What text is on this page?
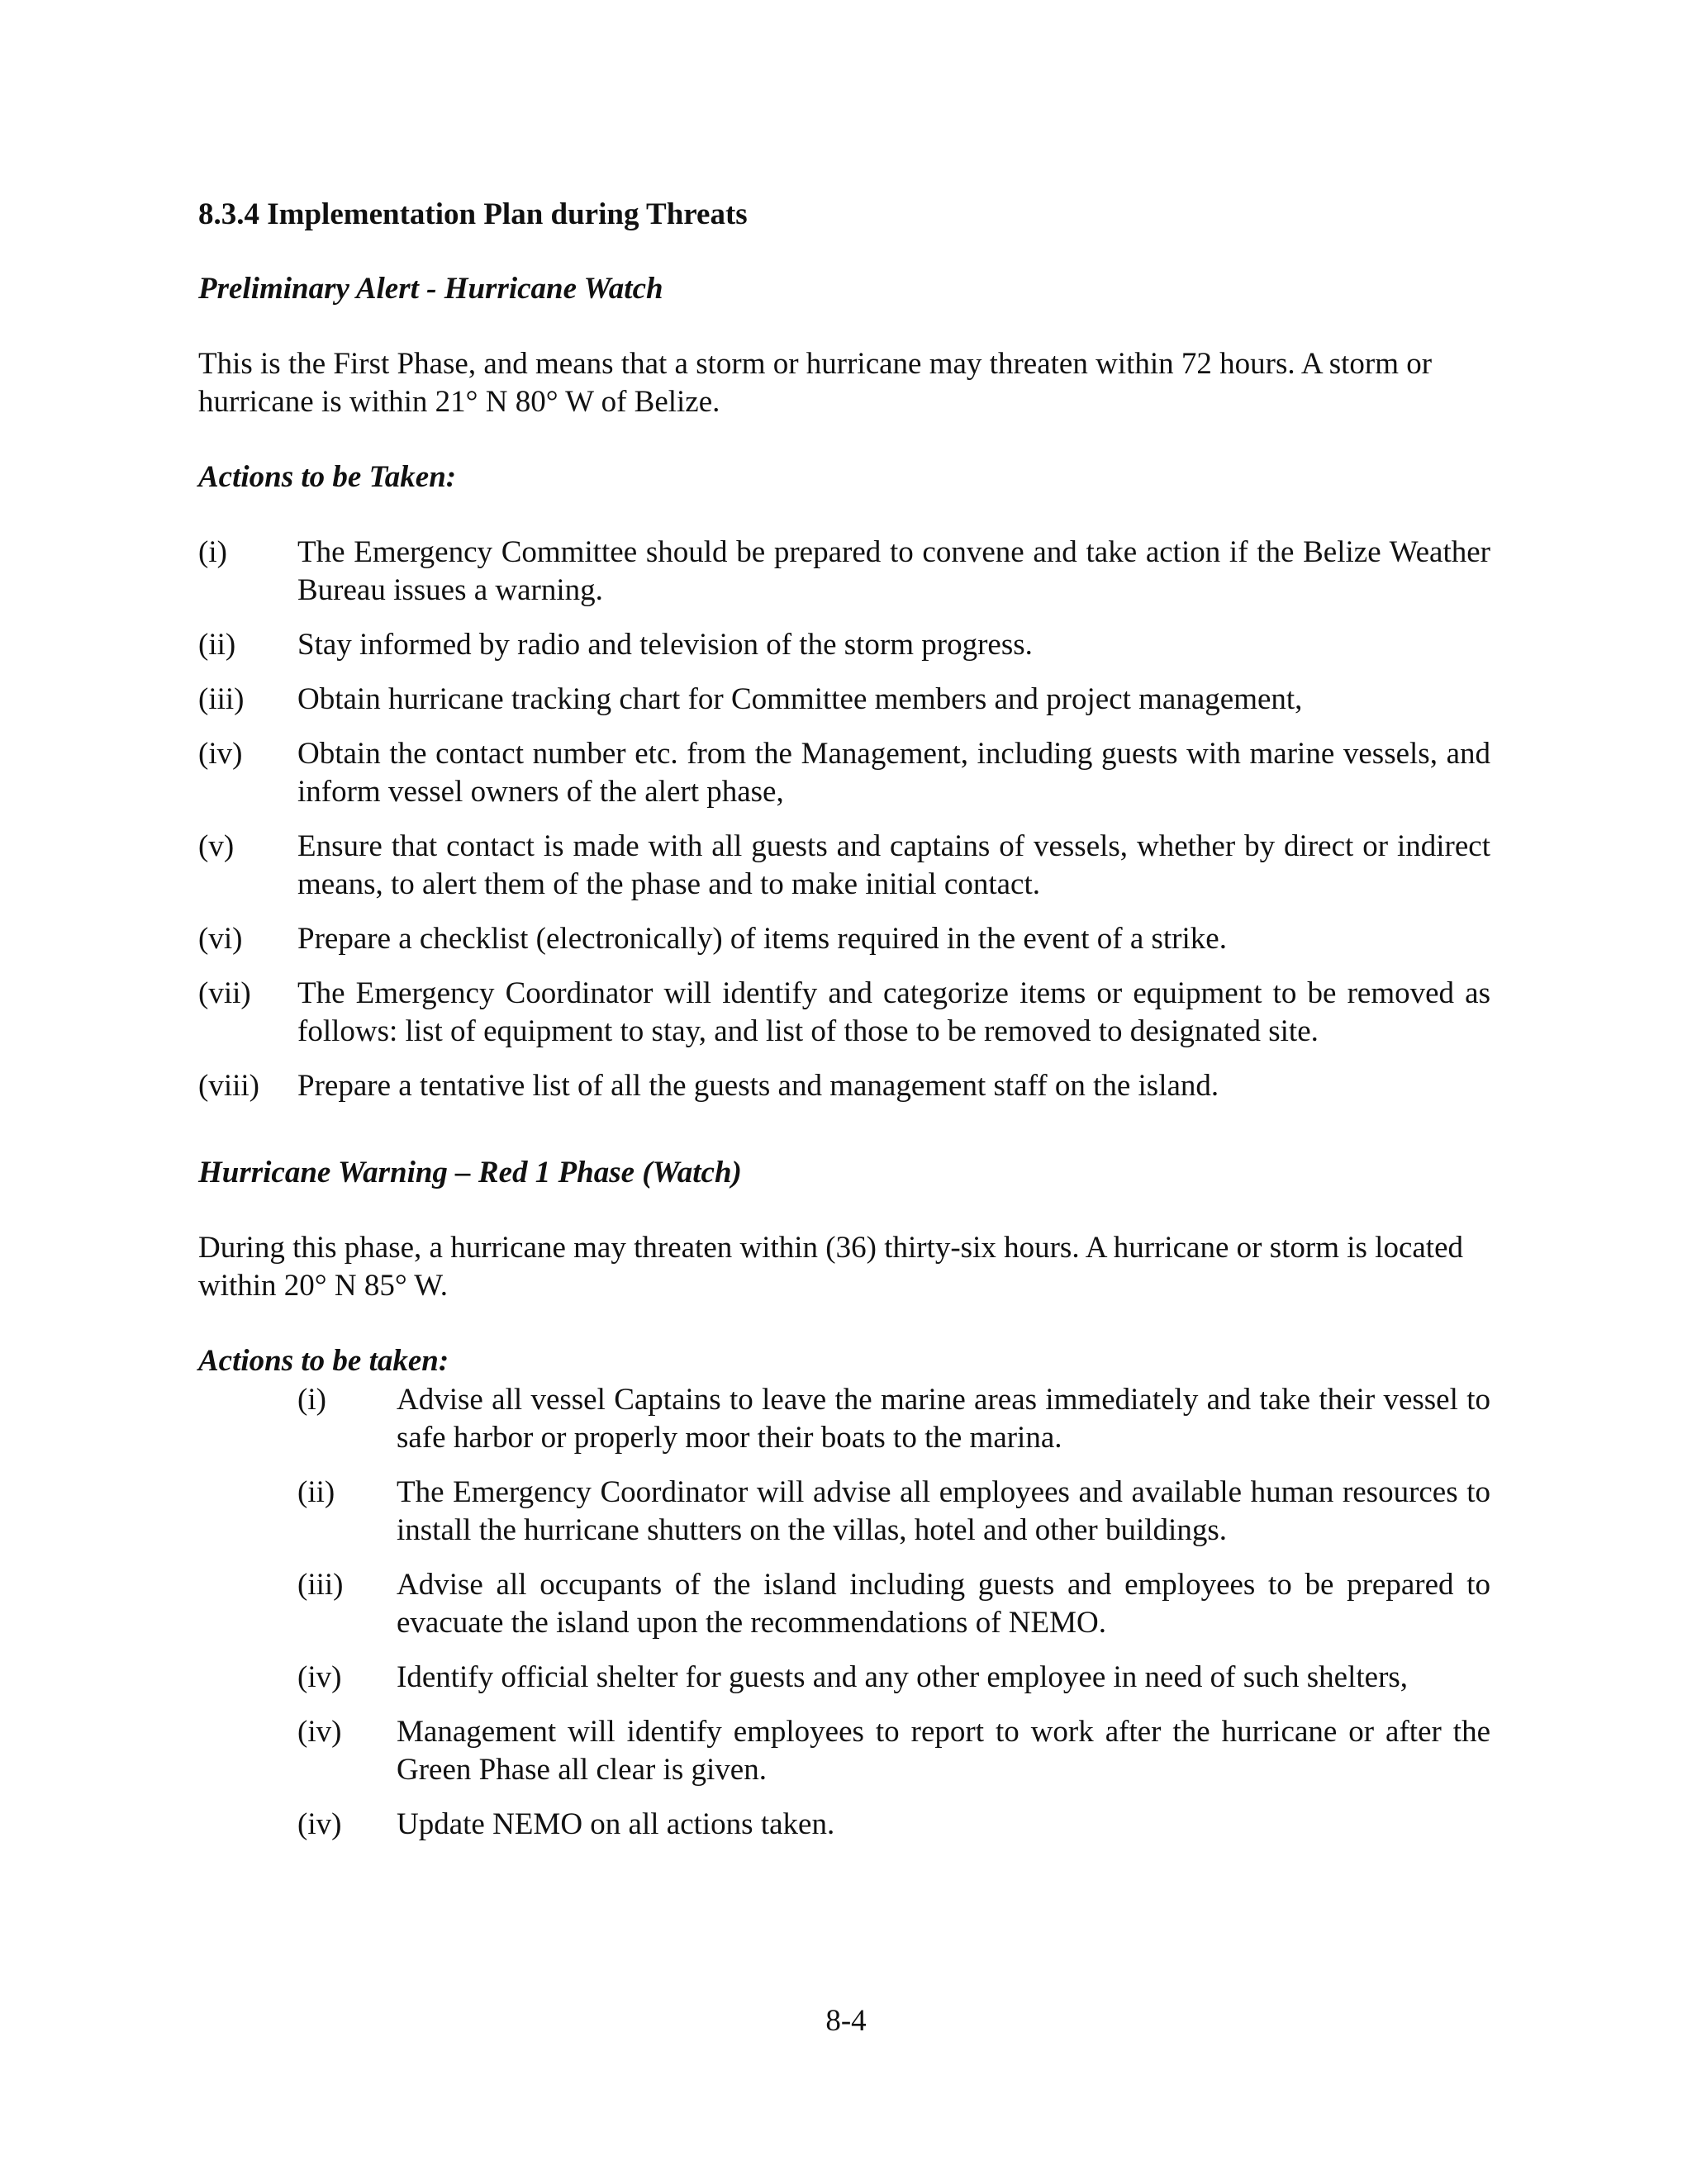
8.3.4 Implementation Plan during Threats
Preliminary Alert - Hurricane Watch
This is the First Phase, and means that a storm or hurricane may threaten within 72 hours. A storm or hurricane is within 21° N 80° W of Belize.
Actions to be Taken:
(i)	The Emergency Committee should be prepared to convene and take action if the Belize Weather Bureau issues a warning.
(ii)	Stay informed by radio and television of the storm progress.
(iii)	Obtain hurricane tracking chart for Committee members and project management,
(iv)	Obtain the contact number etc. from the Management, including guests with marine vessels, and inform vessel owners of the alert phase,
(v)	Ensure that contact is made with all guests and captains of vessels, whether by direct or indirect means, to alert them of the phase and to make initial contact.
(vi)	Prepare a checklist (electronically) of items required in the event of a strike.
(vii)	The Emergency Coordinator will identify and categorize items or equipment to be removed as follows: list of equipment to stay, and list of those to be removed to designated site.
(viii)	Prepare a tentative list of all the guests and management staff on the island.
Hurricane Warning – Red 1 Phase (Watch)
During this phase, a hurricane may threaten within (36) thirty-six hours. A hurricane or storm is located within 20° N 85° W.
Actions to be taken:
(i)	Advise all vessel Captains to leave the marine areas immediately and take their vessel to safe harbor or properly moor their boats to the marina.
(ii)	The Emergency Coordinator will advise all employees and available human resources to install the hurricane shutters on the villas, hotel and other buildings.
(iii)	Advise all occupants of the island including guests and employees to be prepared to evacuate the island upon the recommendations of NEMO.
(iv)	Identify official shelter for guests and any other employee in need of such shelters,
(iv)	Management will identify employees to report to work after the hurricane or after the Green Phase all clear is given.
(iv)	Update NEMO on all actions taken.
8-4
